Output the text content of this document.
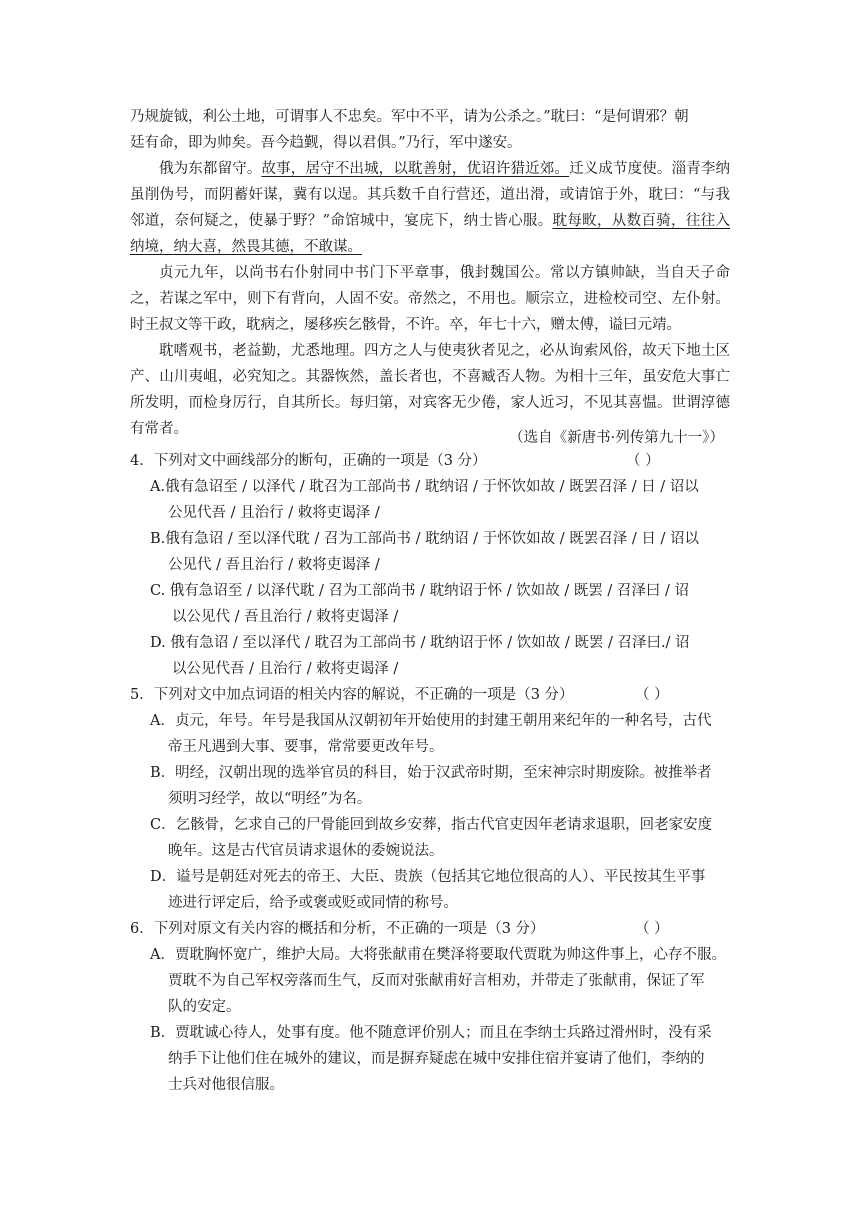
乃规旋钺，利公土地，可谓事人不忠矣。军中不平，请为公杀之。”耽曰：“是何谓邪？朝
廷有命，即为帅矣。吾今趋觐，得以君俱。”乃行，军中遂安。

俄为东都留守。故事，居守不出城，以耽善射，优诏许猎近郊。迁义成节度使。淄青李纳虽削伪号，而阴蓄奸谋，冀有以逞。其兵数千自行营还，道出滑，或请馆于外，耽曰：“与我邻道，奈何疑之，使暴于野？”命馆城中，宴庑下，纳士皆心服。耽每畋，从数百骑，往往入纳境，纳大喜，然畏其德，不敢谋。

贞元九年，以尚书右仆射同中书门下平章事，俄封魏国公。常以方镇帅缺，当自天子命之，若谋之军中，则下有背向，人固不安。帝然之，不用也。顺宗立，进检校司空、左仆射。时王叔文等干政，耽病之，屡移疾乞骸骨，不许。卒，年七十六，赠太傅，谥曰元靖。

耽嗜观书，老益勤，尤悉地理。四方之人与使夷狄者见之，必从询索风俗，故天下地土区产、山川夷岨，必究知之。其器恢然，盖长者也，不喜臧否人物。为相十三年，虽安危大事亡所发明，而检身厉行，自其所长。每归第，对宾客无少倦，家人近习，不见其喜愠。世谓淳德有常者。

（选自《新唐书·列传第九十一》）
4．下列对文中画线部分的断句，正确的一项是（3 分）	（ ）
A.俄有急诏至 / 以泽代 / 耽召为工部尚书 / 耽纳诏 / 于怀饮如故 / 既罢召泽 / 日 / 诏以
公见代吾 / 且治行 / 敕将吏谒泽 /
B.俄有急诏 / 至以泽代耽 / 召为工部尚书 / 耽纳诏 / 于怀饮如故 / 既罢召泽 / 日 / 诏以
公见代 / 吾且治行 / 敕将吏谒泽 /
C. 俄有急诏至 / 以泽代耽 / 召为工部尚书 / 耽纳诏于怀 / 饮如故 / 既罢 / 召泽曰 / 诏
以公见代 / 吾且治行 / 敕将吏谒泽 /
D. 俄有急诏 / 至以泽代 / 耽召为工部尚书 / 耽纳诏于怀 / 饮如故 / 既罢 / 召泽曰./ 诏
以公见代吾 / 且治行 / 敕将吏谒泽 /
5．下列对文中加点词语的相关内容的解说，不正确的一项是（3 分）	（ ）
A．贞元，年号。年号是我国从汉朝初年开始使用的封建王朝用来纪年的一种名号，古代
帝王凡遇到大事、要事，常常要更改年号。
B．明经，汉朝出现的选举官员的科目，始于汉武帝时期，至宋神宗时期废除。被推举者
须明习经学，故以“明经”为名。
C．乞骸骨，乞求自己的尸骨能回到故乡安葬，指古代官吏因年老请求退职，回老家安度
晚年。这是古代官员请求退休的委婉说法。
D．谥号是朝廷对死去的帝王、大臣、贵族（包括其它地位很高的人）、平民按其生平事
迹进行评定后，给予或褒或贬或同情的称号。
6．下列对原文有关内容的概括和分析，不正确的一项是（3 分）	（ ）
A．贾耽胸怀宽广，维护大局。大将张献甫在樊泽将要取代贾耽为帅这件事上，心存不服。
贾耽不为自己军权旁落而生气，反而对张献甫好言相劝，并带走了张献甫，保证了军
队的安定。
B．贾耽诚心待人，处事有度。他不随意评价别人；而且在李纳士兵路过滑州时，没有采
纳手下让他们住在城外的建议，而是摒弃疑虑在城中安排住宿并宴请了他们，李纳的
士兵对他很信服。
